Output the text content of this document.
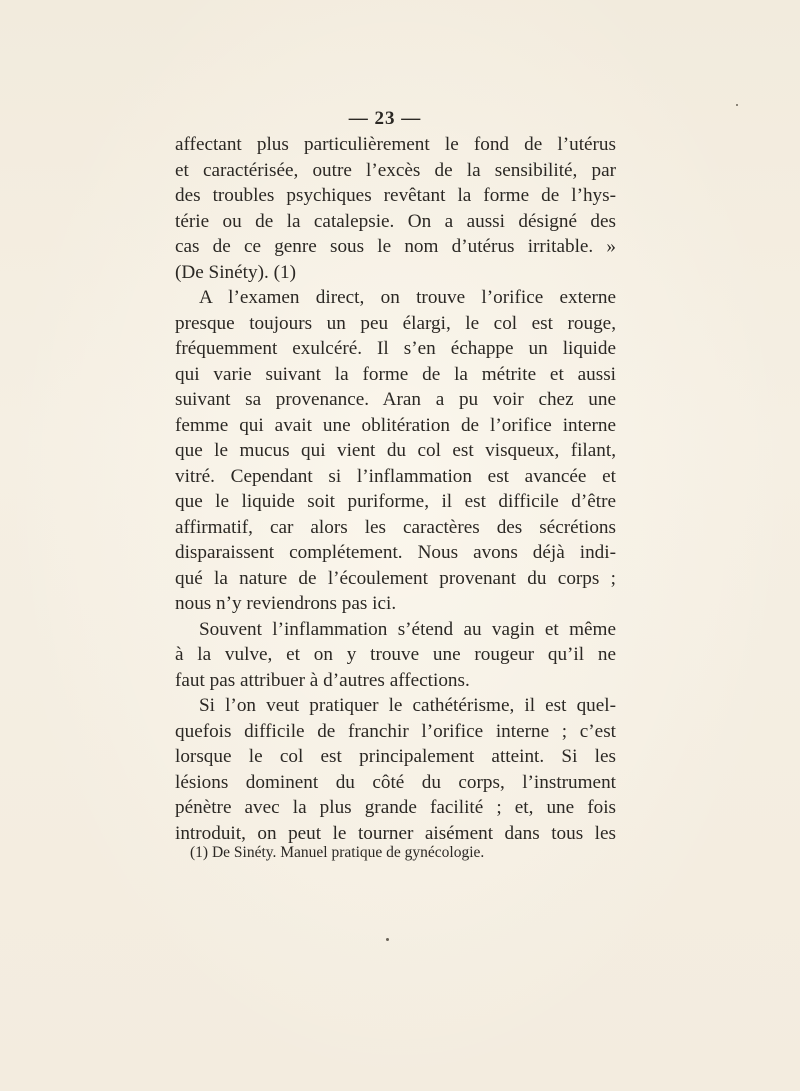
— 23 —
affectant plus particulièrement le fond de l’utérus
et caractérisée, outre l’excès de la sensibilité, par
des troubles psychiques revêtant la forme de l’hys-
térie ou de la catalepsie. On a aussi désigné des
cas de ce genre sous le nom d’utérus irritable. »
(De Sinéty). (1)
A l’examen direct, on trouve l’orifice externe
presque toujours un peu élargi, le col est rouge,
fréquemment exulcéré. Il s’en échappe un liquide
qui varie suivant la forme de la métrite et aussi
suivant sa provenance. Aran a pu voir chez une
femme qui avait une oblitération de l’orifice interne
que le mucus qui vient du col est visqueux, filant,
vitré. Cependant si l’inflammation est avancée et
que le liquide soit puriforme, il est difficile d’être
affirmatif, car alors les caractères des sécrétions
disparaissent complétement. Nous avons déjà indi-
qué la nature de l’écoulement provenant du corps ;
nous n’y reviendrons pas ici.
Souvent l’inflammation s’étend au vagin et même
à la vulve, et on y trouve une rougeur qu’il ne
faut pas attribuer à d’autres affections.
Si l’on veut pratiquer le cathétérisme, il est quel-
quefois difficile de franchir l’orifice interne ; c’est
lorsque le col est principalement atteint. Si les
lésions dominent du côté du corps, l’instrument
pénètre avec la plus grande facilité ; et, une fois
introduit, on peut le tourner aisément dans tous les
(1) De Sinéty. Manuel pratique de gynécologie.
